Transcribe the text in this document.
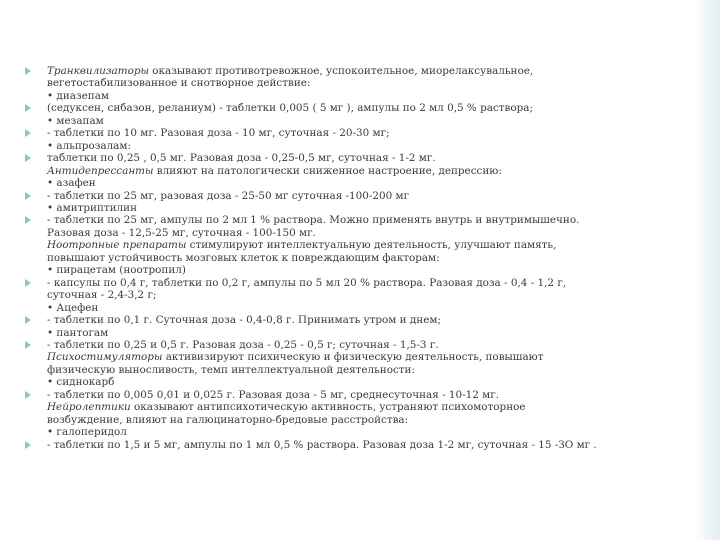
Транквилизаторы оказывают противотревожное, успокоительное, миорелаксувальное,
вегетостабилизованное и снотворное действие:
• диазепам
(седуксен, сибазон, реланиум) - таблетки 0,005 ( 5 мг ), ампулы по 2 мл 0,5 % раствора;
• мезапам
- таблетки по 10 мг. Разовая доза - 10 мг, суточная - 20-30 мг;
• альпрозалам:
таблетки по 0,25 , 0,5 мг. Разовая доза - 0,25-0,5 мг, суточная - 1-2 мг.
Антидепрессанты влияют на патологически сниженное настроение, депрессию:
• азафен
- таблетки по 25 мг, разовая доза - 25-50 мг суточная -100-200 мг
• амитриптилин
- таблетки по 25 мг, ампулы по 2 мл 1 % раствора. Можно применять внутрь и внутримышечно.
Разовая доза - 12,5-25 мг, суточная - 100-150 мг.
Ноотропные препараты стимулируют интеллектуальную деятельность, улучшают память,
повышают устойчивость мозговых клеток к повреждающим факторам:
• пирацетам (ноотропил)
- капсулы по 0,4 г, таблетки по 0,2 г, ампулы по 5 мл 20 % раствора. Разовая доза - 0,4 - 1,2 г,
суточная - 2,4-3,2 г;
• Ацефен
- таблетки по 0,1 г. Суточная доза - 0,4-0,8 г. Принимать утром и днем;
• пантогам
- таблетки по 0,25 и 0,5 г. Разовая доза - 0,25 - 0,5 г; суточная - 1,5-3 г.
Психостимуляторы активизируют психическую и физическую деятельность, повышают
физическую выносливость, темп интеллектуальной деятельности:
• сиднокарб
- таблетки по 0,005 0,01 и 0,025 г. Разовая доза - 5 мг, среднесуточная - 10-12 мг.
Нейролептики оказывают антипсихотическую активность, устраняют психомоторное
возбуждение, влияют на галюцинаторно-бредовые расстройства:
• галоперидол
- таблетки по 1,5 и 5 мг, ампулы по 1 мл 0,5 % раствора. Разовая доза 1-2 мг, суточная - 15 -ЗО мг .
